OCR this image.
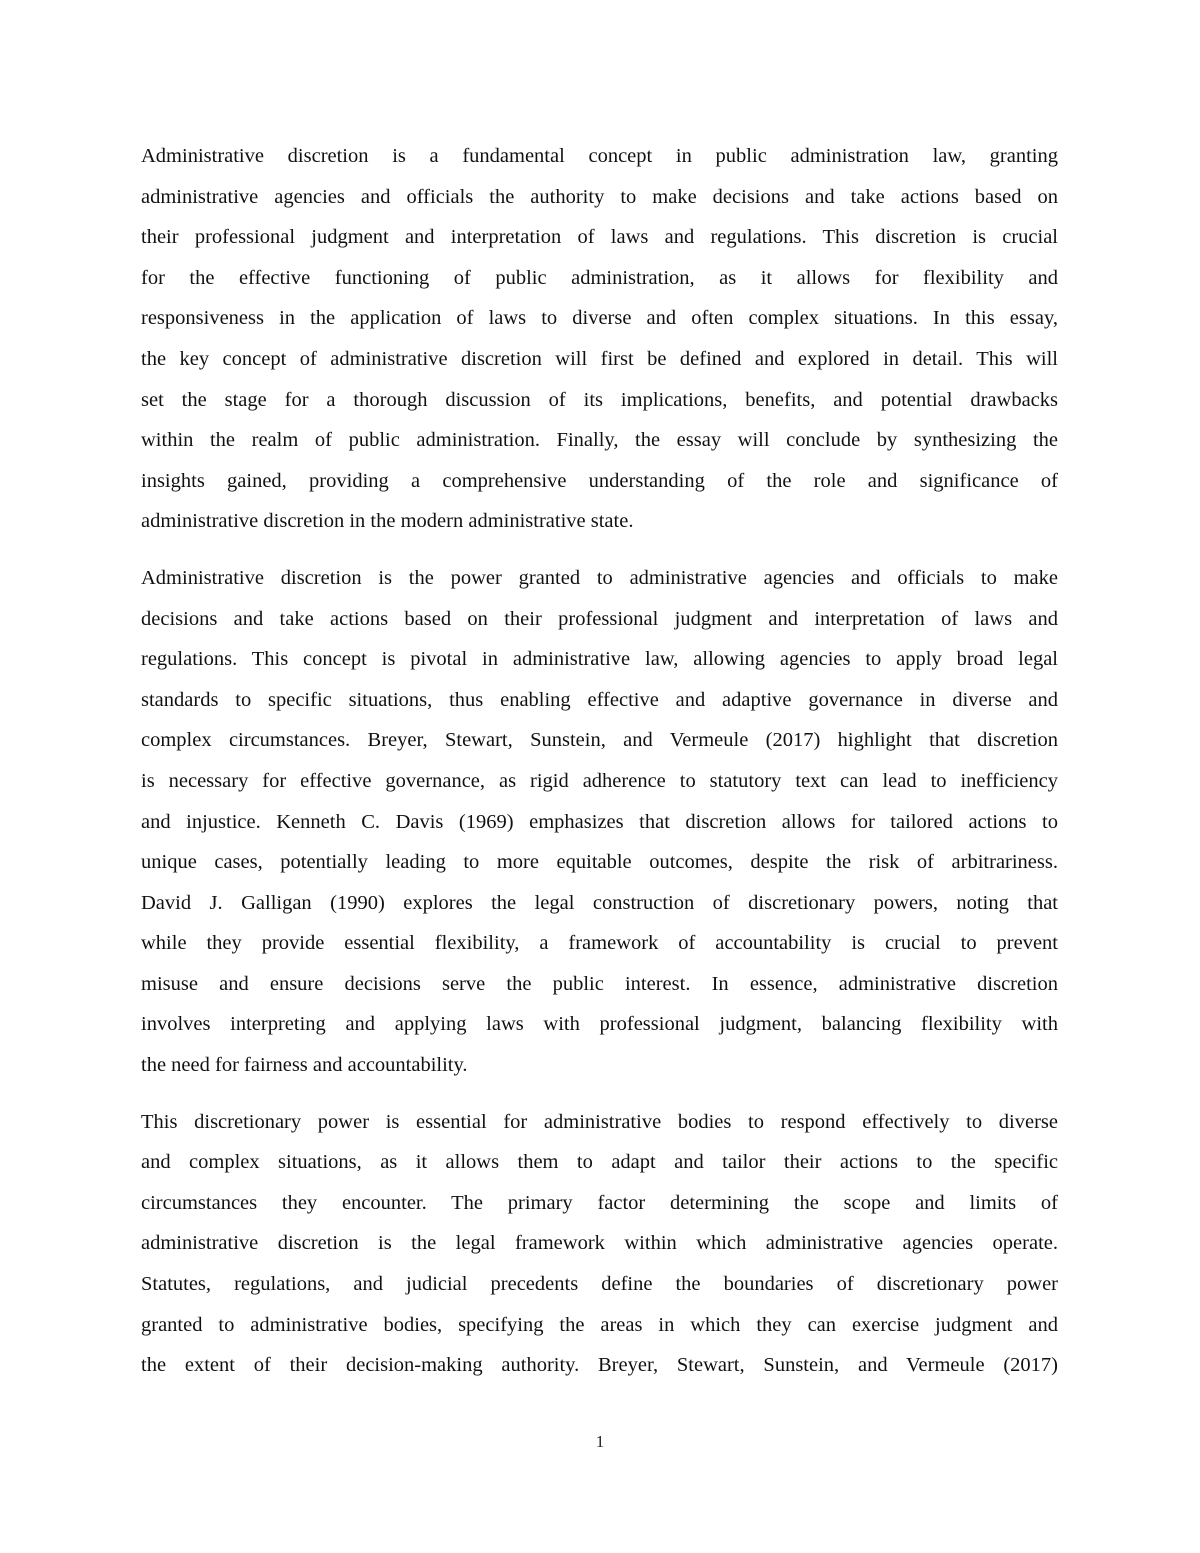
Administrative discretion is a fundamental concept in public administration law, granting
administrative agencies and officials the authority to make decisions and take actions based on
their professional judgment and interpretation of laws and regulations. This discretion is crucial
for the effective functioning of public administration, as it allows for flexibility and
responsiveness in the application of laws to diverse and often complex situations. In this essay,
the key concept of administrative discretion will first be defined and explored in detail. This will
set the stage for a thorough discussion of its implications, benefits, and potential drawbacks
within the realm of public administration. Finally, the essay will conclude by synthesizing the
insights gained, providing a comprehensive understanding of the role and significance of
administrative discretion in the modern administrative state.
Administrative discretion is the power granted to administrative agencies and officials to make
decisions and take actions based on their professional judgment and interpretation of laws and
regulations. This concept is pivotal in administrative law, allowing agencies to apply broad legal
standards to specific situations, thus enabling effective and adaptive governance in diverse and
complex circumstances. Breyer, Stewart, Sunstein, and Vermeule (2017) highlight that discretion
is necessary for effective governance, as rigid adherence to statutory text can lead to inefficiency
and injustice. Kenneth C. Davis (1969) emphasizes that discretion allows for tailored actions to
unique cases, potentially leading to more equitable outcomes, despite the risk of arbitrariness.
David J. Galligan (1990) explores the legal construction of discretionary powers, noting that
while they provide essential flexibility, a framework of accountability is crucial to prevent
misuse and ensure decisions serve the public interest. In essence, administrative discretion
involves interpreting and applying laws with professional judgment, balancing flexibility with
the need for fairness and accountability.
This discretionary power is essential for administrative bodies to respond effectively to diverse
and complex situations, as it allows them to adapt and tailor their actions to the specific
circumstances they encounter. The primary factor determining the scope and limits of
administrative discretion is the legal framework within which administrative agencies operate.
Statutes, regulations, and judicial precedents define the boundaries of discretionary power
granted to administrative bodies, specifying the areas in which they can exercise judgment and
the extent of their decision-making authority. Breyer, Stewart, Sunstein, and Vermeule (2017)
1
